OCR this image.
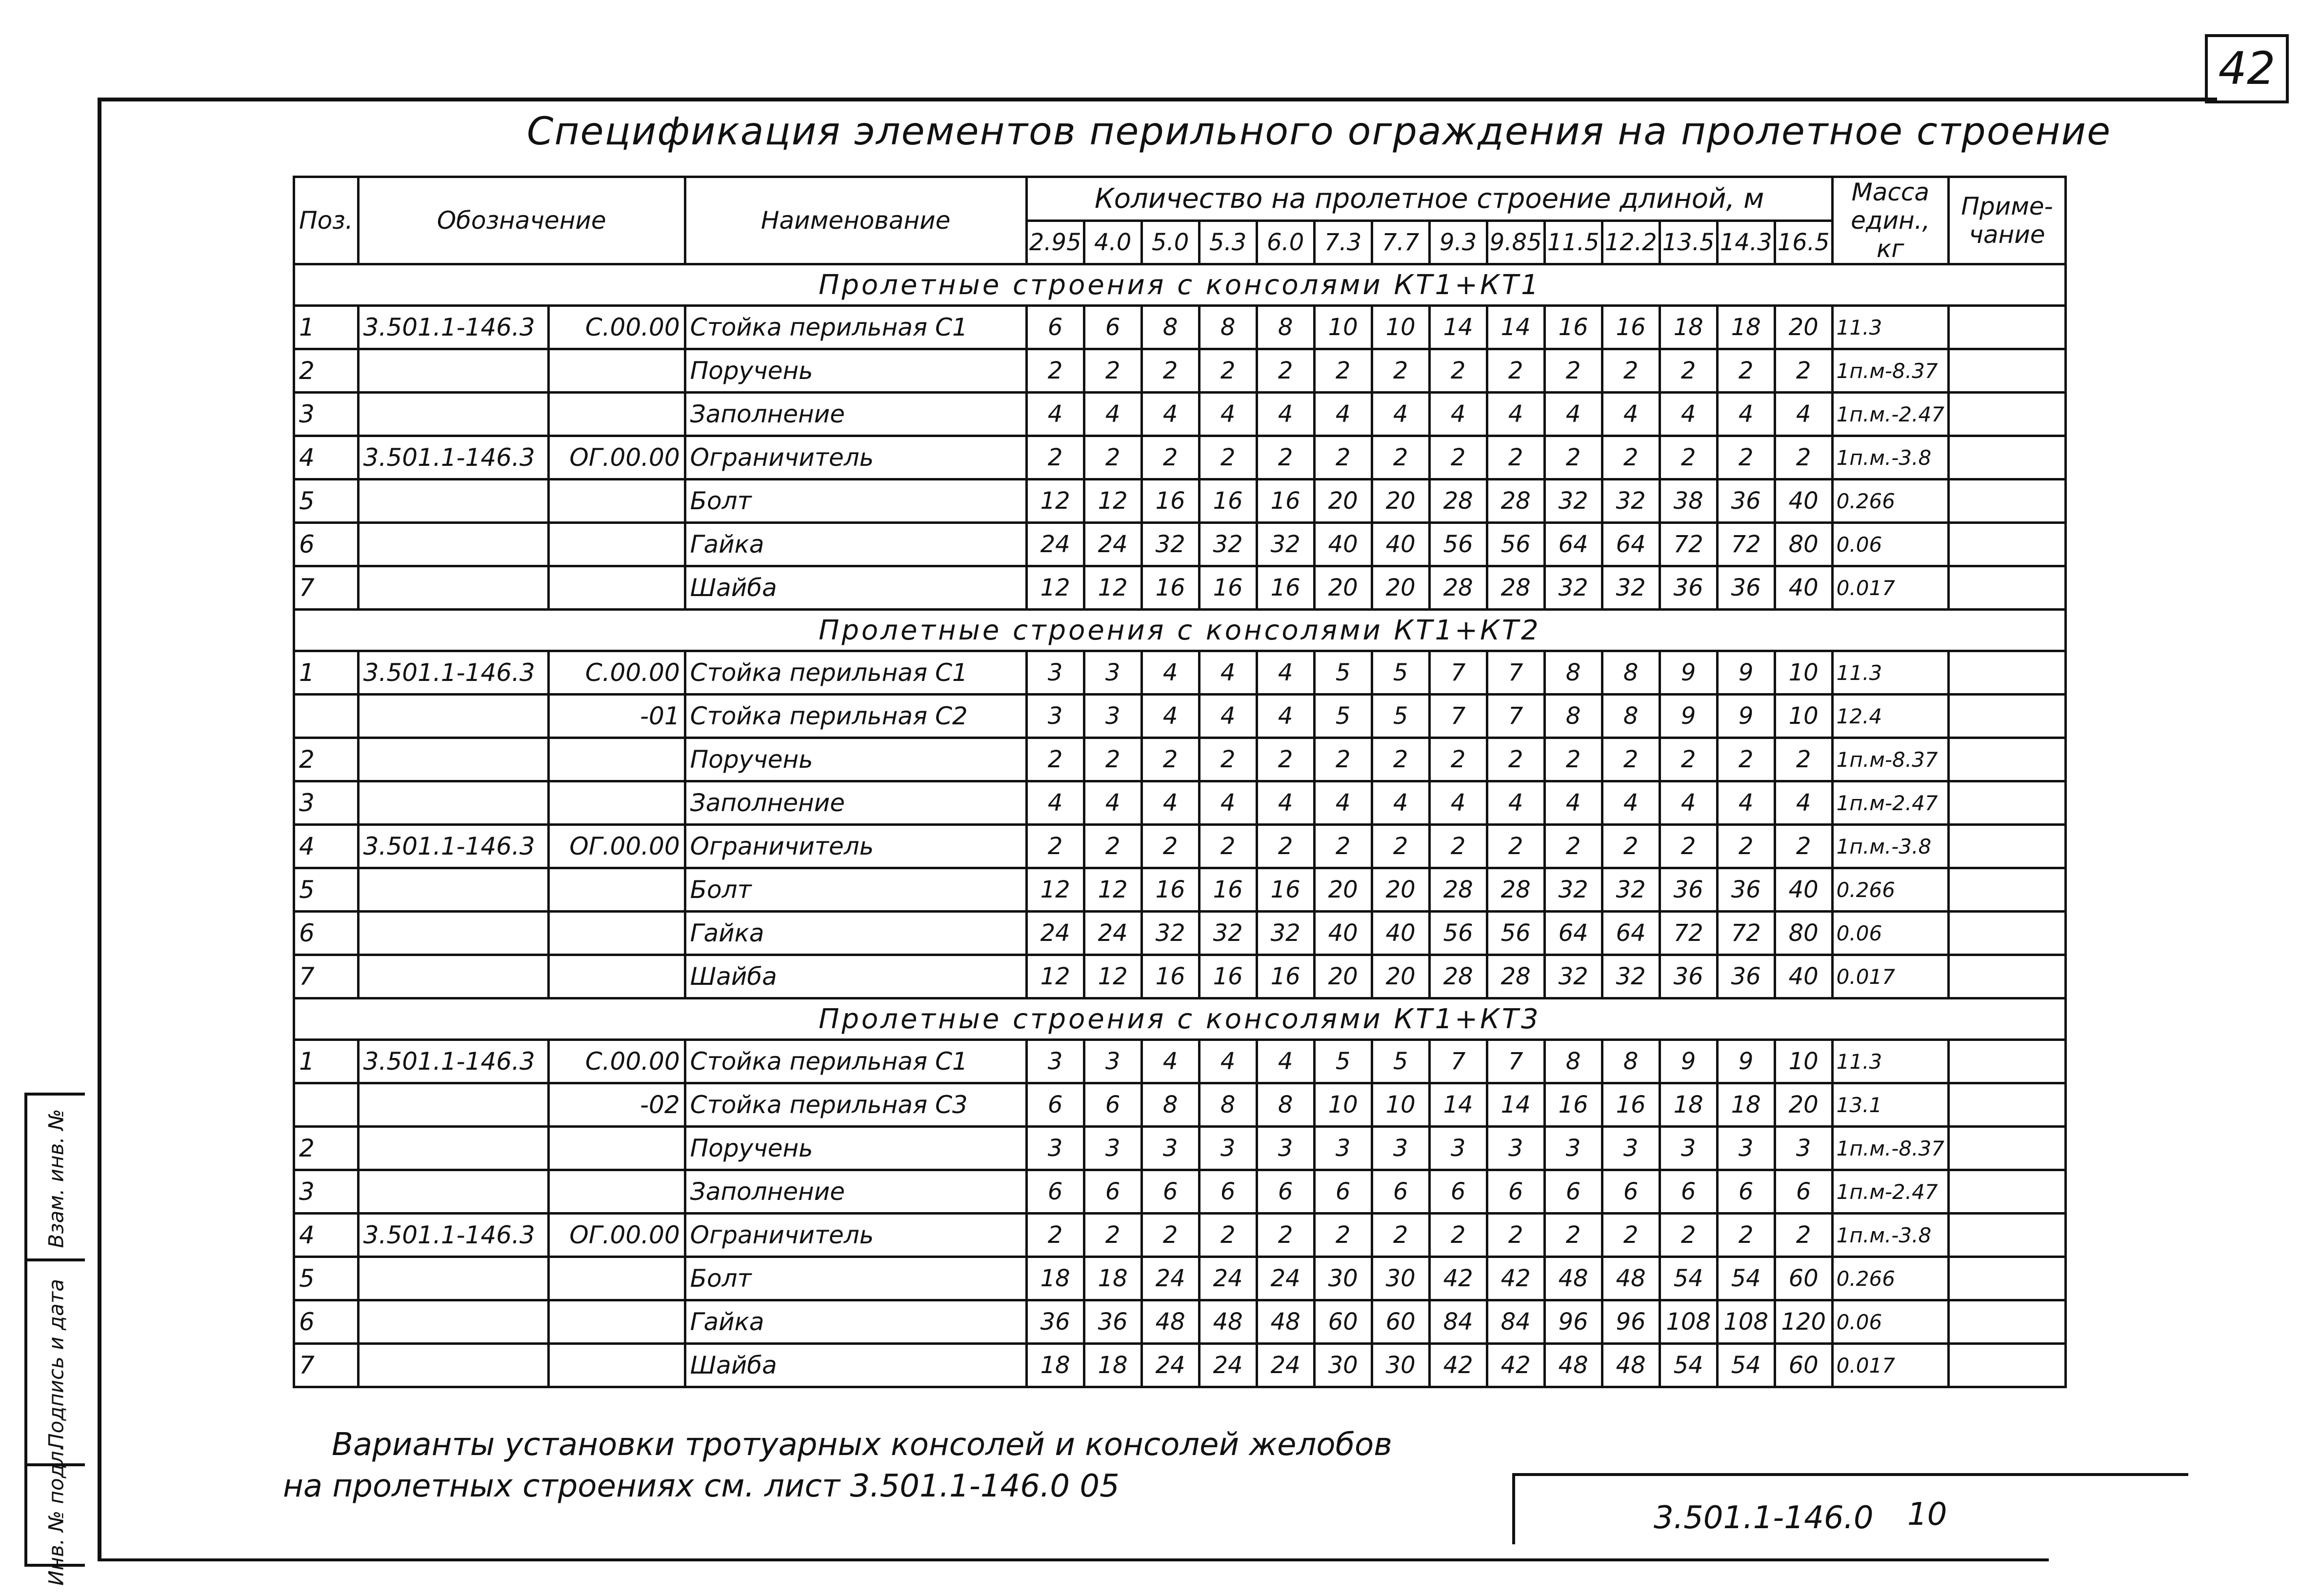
42
Спецификация элементов перильного ограждения на пролетное строение
Поз.	Обозначение		Наименование	Количество на пролетное строение длиной, м														Масса един., кг	Приме-чание
				2.95	4.0	5.0	5.3	6.0	7.3	7.7	9.3	9.85	11.5	12.2	13.5	14.3	16.5		
Пролетные строения с консолями КТ1+КТ1																			
1	3.501.1-146.3	С.00.00	Стойка перильная С1	6	6	8	8	8	10	10	14	14	16	16	18	18	20	11.3	
2			Поручень	2	2	2	2	2	2	2	2	2	2	2	2	2	2	1п.м-8.37	
3			Заполнение	4	4	4	4	4	4	4	4	4	4	4	4	4	4	1п.м.-2.47	
4	3.501.1-146.3	ОГ.00.00	Ограничитель	2	2	2	2	2	2	2	2	2	2	2	2	2	2	1п.м.-3.8	
5			Болт	12	12	16	16	16	20	20	28	28	32	32	38	36	40	0.266	
6			Гайка	24	24	32	32	32	40	40	56	56	64	64	72	72	80	0.06	
7			Шайба	12	12	16	16	16	20	20	28	28	32	32	36	36	40	0.017	
Пролетные строения с консолями КТ1+КТ2																			
1	3.501.1-146.3	С.00.00	Стойка перильная С1	3	3	4	4	4	5	5	7	7	8	8	9	9	10	11.3	
		-01	Стойка перильная С2	3	3	4	4	4	5	5	7	7	8	8	9	9	10	12.4	
2			Поручень	2	2	2	2	2	2	2	2	2	2	2	2	2	2	1п.м-8.37	
3			Заполнение	4	4	4	4	4	4	4	4	4	4	4	4	4	4	1п.м-2.47	
4	3.501.1-146.3	ОГ.00.00	Ограничитель	2	2	2	2	2	2	2	2	2	2	2	2	2	2	1п.м.-3.8	
5			Болт	12	12	16	16	16	20	20	28	28	32	32	36	36	40	0.266	
6			Гайка	24	24	32	32	32	40	40	56	56	64	64	72	72	80	0.06	
7			Шайба	12	12	16	16	16	20	20	28	28	32	32	36	36	40	0.017	
Пролетные строения с консолями КТ1+КТ3																			
1	3.501.1-146.3	С.00.00	Стойка перильная С1	3	3	4	4	4	5	5	7	7	8	8	9	9	10	11.3	
		-02	Стойка перильная С3	6	6	8	8	8	10	10	14	14	16	16	18	18	20	13.1	
2			Поручень	3	3	3	3	3	3	3	3	3	3	3	3	3	3	1п.м.-8.37	
3			Заполнение	6	6	6	6	6	6	6	6	6	6	6	6	6	6	1п.м-2.47	
4	3.501.1-146.3	ОГ.00.00	Ограничитель	2	2	2	2	2	2	2	2	2	2	2	2	2	2	1п.м.-3.8	
5			Болт	18	18	24	24	24	30	30	42	42	48	48	54	54	60	0.266	
6			Гайка	36	36	48	48	48	60	60	84	84	96	96	108	108	120	0.06	
7			Шайба	18	18	24	24	24	30	30	42	42	48	48	54	54	60	0.017	
Взам. инв. №
Подпись и дата
Инв. № подл.	Варианты установки тротуарных консолей и консолей желобов
на пролетных строениях см. лист 3.501.1-146.0 05
3.501.1-146.0 10
